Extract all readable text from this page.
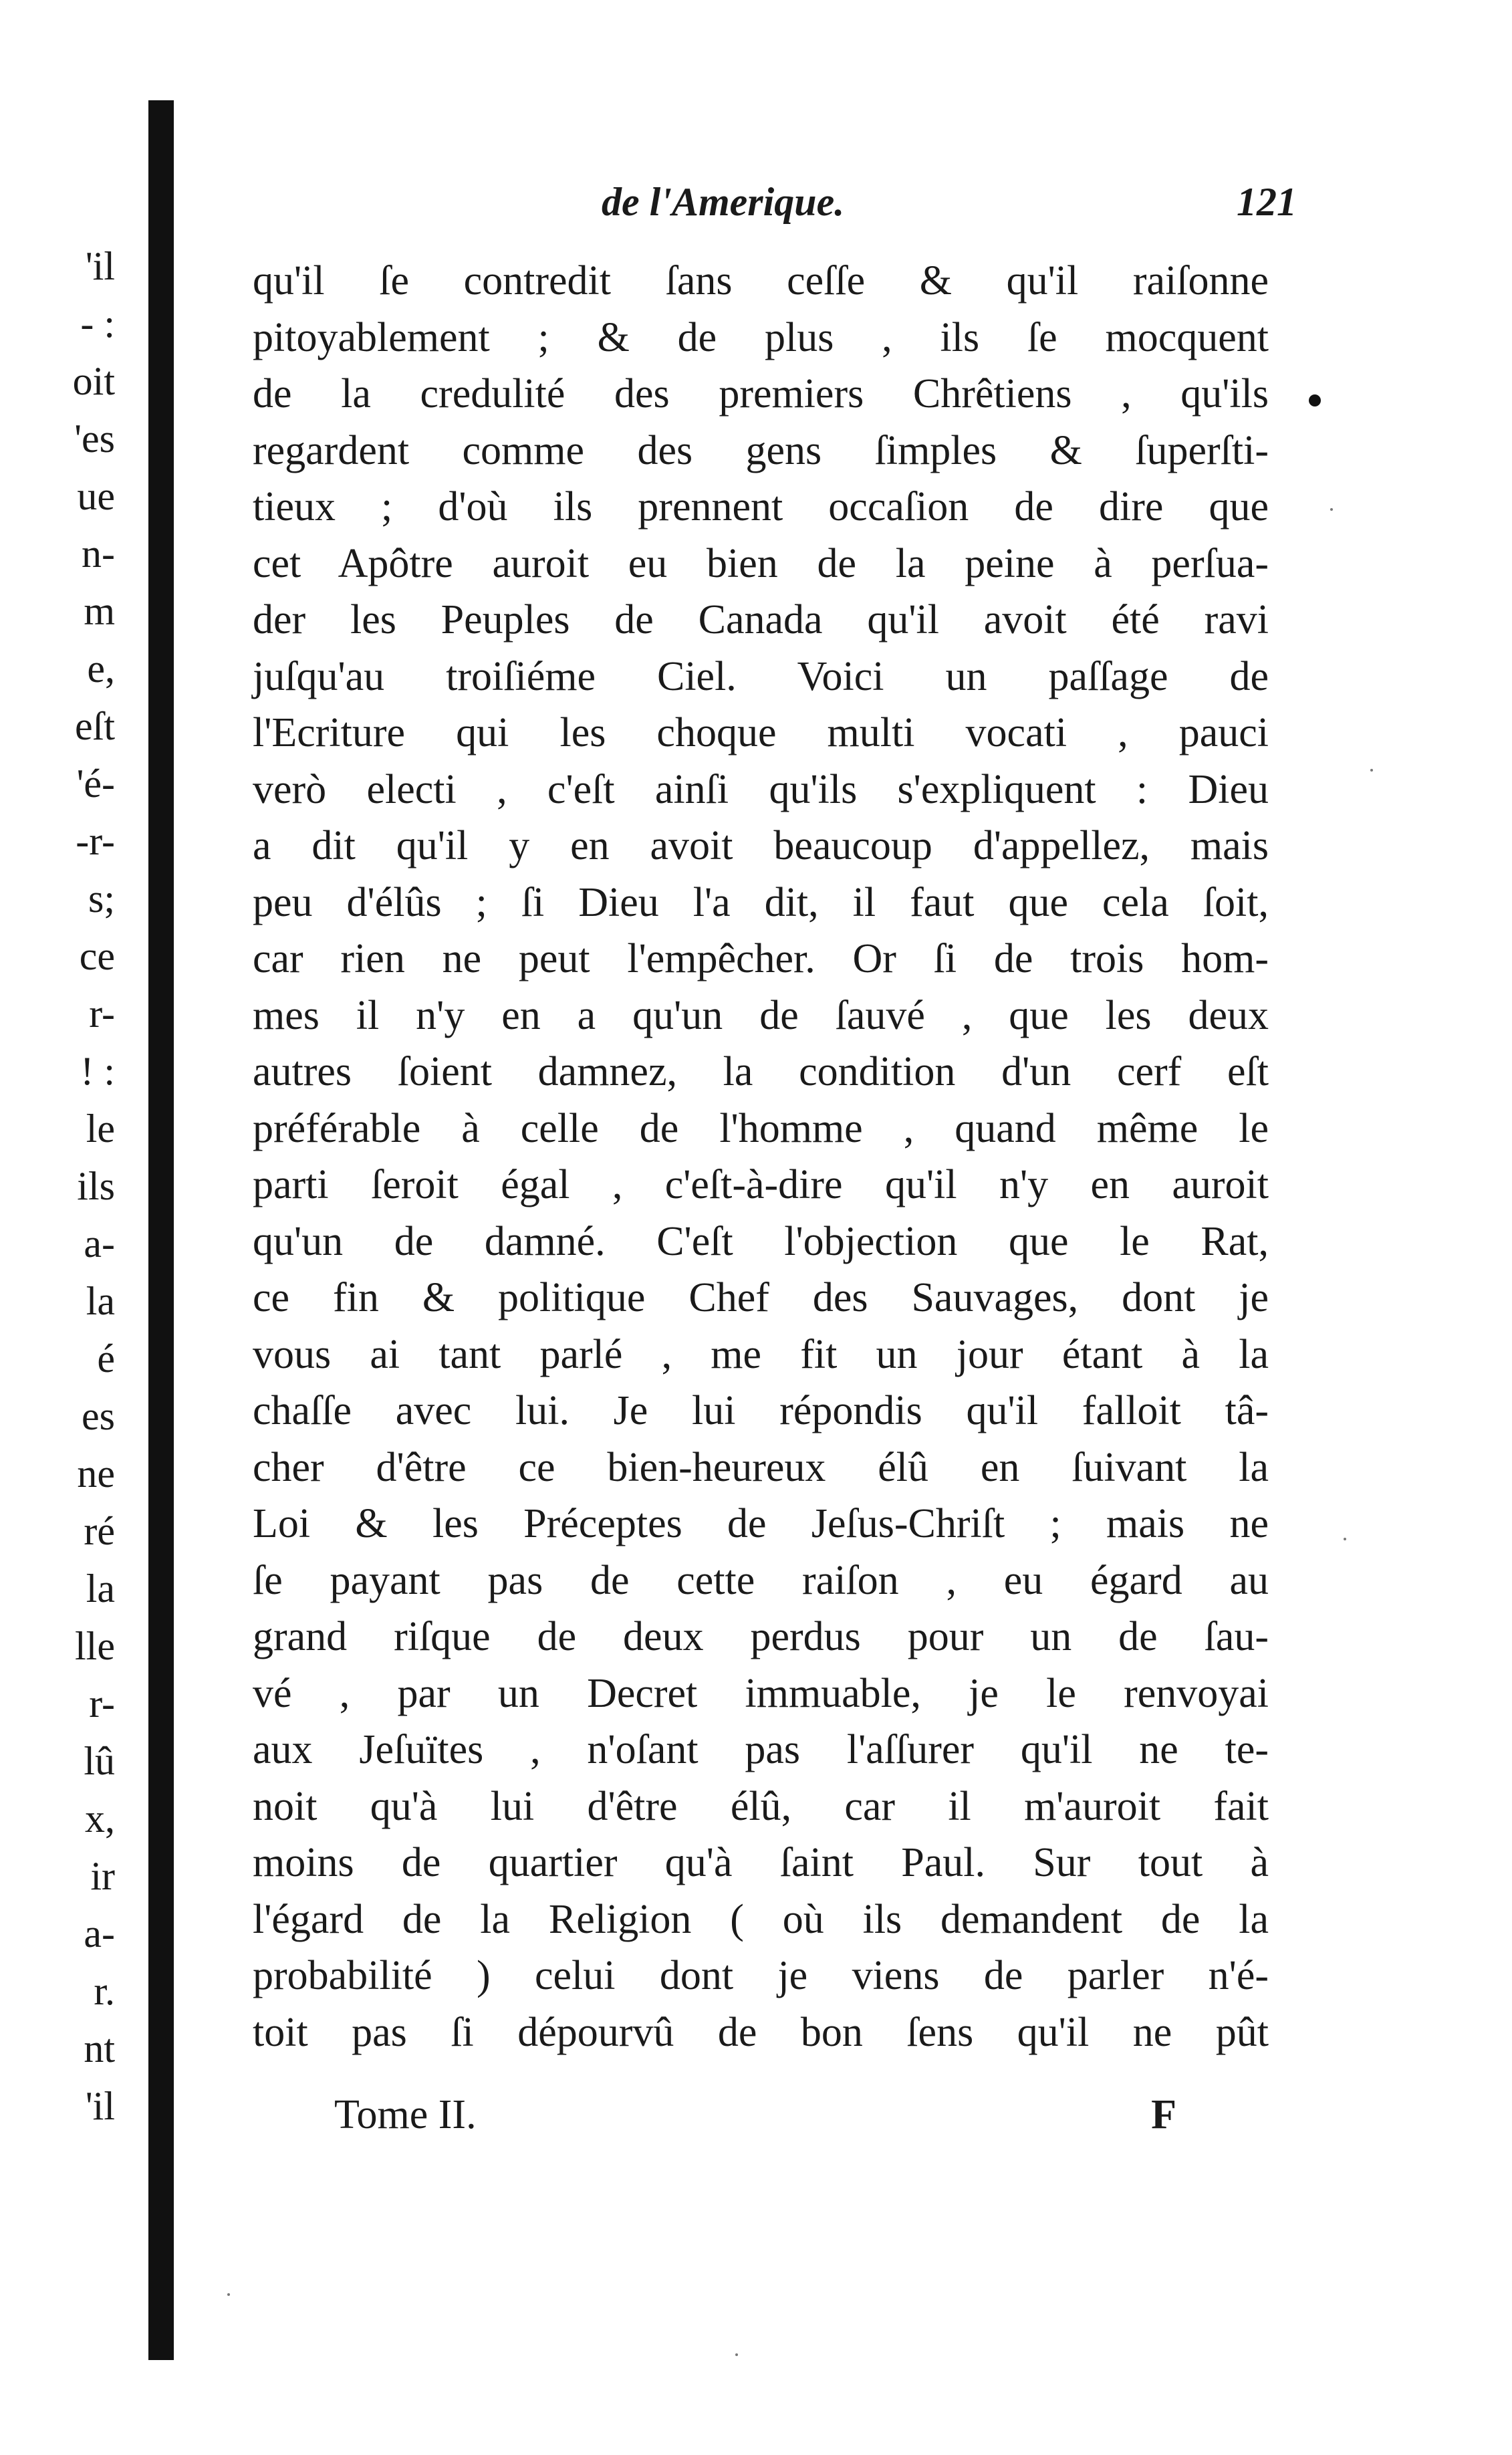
'il
- :
oit
'es
ue
n-
m
e,
eſt
'é-
-r-
s;
ce
r-
! :
le
ils
a-
la
é
es
ne
ré
la
lle
r-
lû
x,
ir
a-
r.
nt
'il
de l'Amerique.	121
qu'il ſe contredit ſans ceſſe & qu'il raiſonne
pitoyablement ; & de plus , ils ſe mocquent
de la credulité des premiers Chrêtiens , qu'ils
regardent comme des gens ſimples & ſuperſti-
tieux ; d'où ils prennent occaſion de dire que
cet Apôtre auroit eu bien de la peine à perſua-
der les Peuples de Canada qu'il avoit été ravi
juſqu'au troiſiéme Ciel. Voici un paſſage de
l'Ecriture qui les choque multi vocati , pauci
verò electi , c'eſt ainſi qu'ils s'expliquent : Dieu
a dit qu'il y en avoit beaucoup d'appellez, mais
peu d'élûs ; ſi Dieu l'a dit, il faut que cela ſoit,
car rien ne peut l'empêcher. Or ſi de trois hom-
mes il n'y en a qu'un de ſauvé , que les deux
autres ſoient damnez, la condition d'un cerf eſt
préférable à celle de l'homme , quand même le
parti ſeroit égal , c'eſt-à-dire qu'il n'y en auroit
qu'un de damné. C'eſt l'objection que le Rat,
ce fin & politique Chef des Sauvages, dont je
vous ai tant parlé , me fit un jour étant à la
chaſſe avec lui. Je lui répondis qu'il falloit tâ-
cher d'être ce bien-heureux élû en ſuivant la
Loi & les Préceptes de Jeſus-Chriſt ; mais ne
ſe payant pas de cette raiſon , eu égard au
grand riſque de deux perdus pour un de ſau-
vé , par un Decret immuable, je le renvoyai
aux Jeſuïtes , n'oſant pas l'aſſurer qu'il ne te-
noit qu'à lui d'être élû, car il m'auroit fait
moins de quartier qu'à ſaint Paul. Sur tout à
l'égard de la Religion ( où ils demandent de la
probabilité ) celui dont je viens de parler n'é-
toit pas ſi dépourvû de bon ſens qu'il ne pût
Tome II.	F
